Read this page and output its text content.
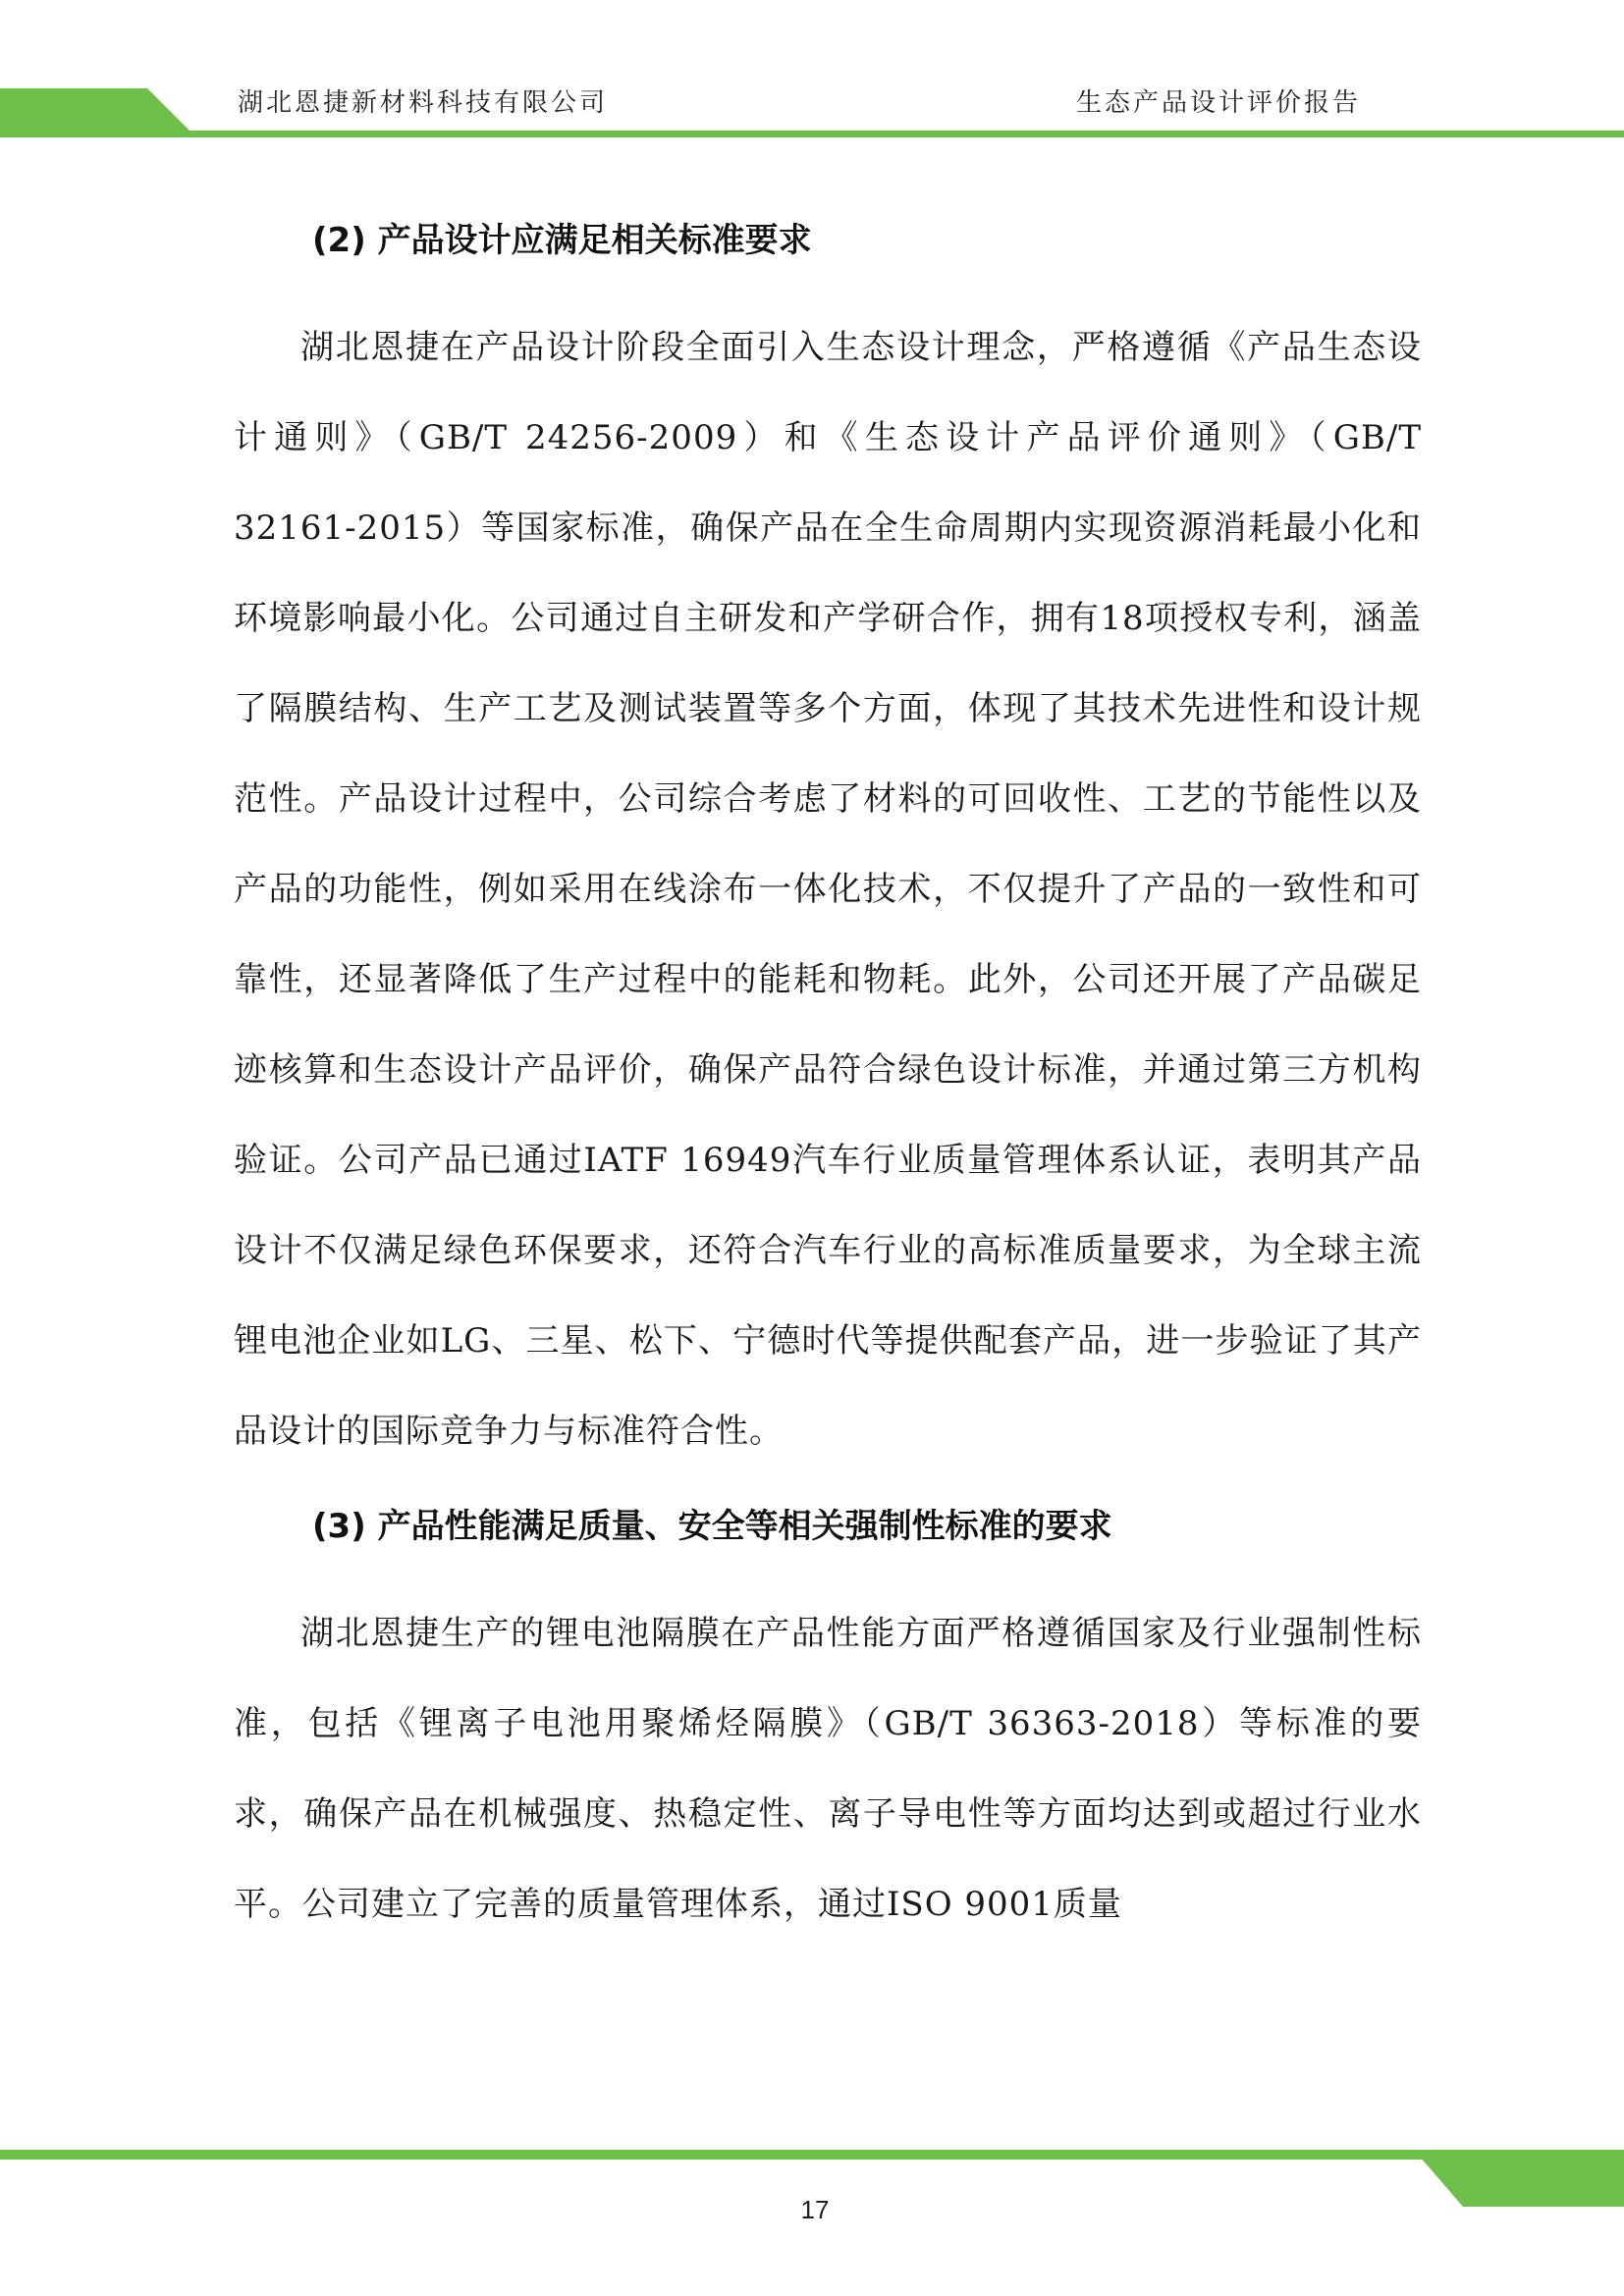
湖北恩捷新材料科技有限公司	生态产品设计评价报告
(2) 产品设计应满足相关标准要求

湖北恩捷在产品设计阶段全面引入生态设计理念，严格遵循《产品生态设计通则》（GB/T 24256-2009）和《生态设计产品评价通则》（GB/T 32161-2015）等国家标准，确保产品在全生命周期内实现资源消耗最小化和环境影响最小化。公司通过自主研发和产学研合作，拥有18项授权专利，涵盖了隔膜结构、生产工艺及测试装置等多个方面，体现了其技术先进性和设计规范性。产品设计过程中，公司综合考虑了材料的可回收性、工艺的节能性以及产品的功能性，例如采用在线涂布一体化技术，不仅提升了产品的一致性和可靠性，还显著降低了生产过程中的能耗和物耗。此外，公司还开展了产品碳足迹核算和生态设计产品评价，确保产品符合绿色设计标准，并通过第三方机构验证。公司产品已通过IATF 16949汽车行业质量管理体系认证，表明其产品设计不仅满足绿色环保要求，还符合汽车行业的高标准质量要求，为全球主流锂电池企业如LG、三星、松下、宁德时代等提供配套产品，进一步验证了其产品设计的国际竞争力与标准符合性。

(3) 产品性能满足质量、安全等相关强制性标准的要求

湖北恩捷生产的锂电池隔膜在产品性能方面严格遵循国家及行业强制性标准，包括《锂离子电池用聚烯烃隔膜》（GB/T 36363-2018）等标准的要求，确保产品在机械强度、热稳定性、离子导电性等方面均达到或超过行业水平。公司建立了完善的质量管理体系，通过ISO 9001质量

17
